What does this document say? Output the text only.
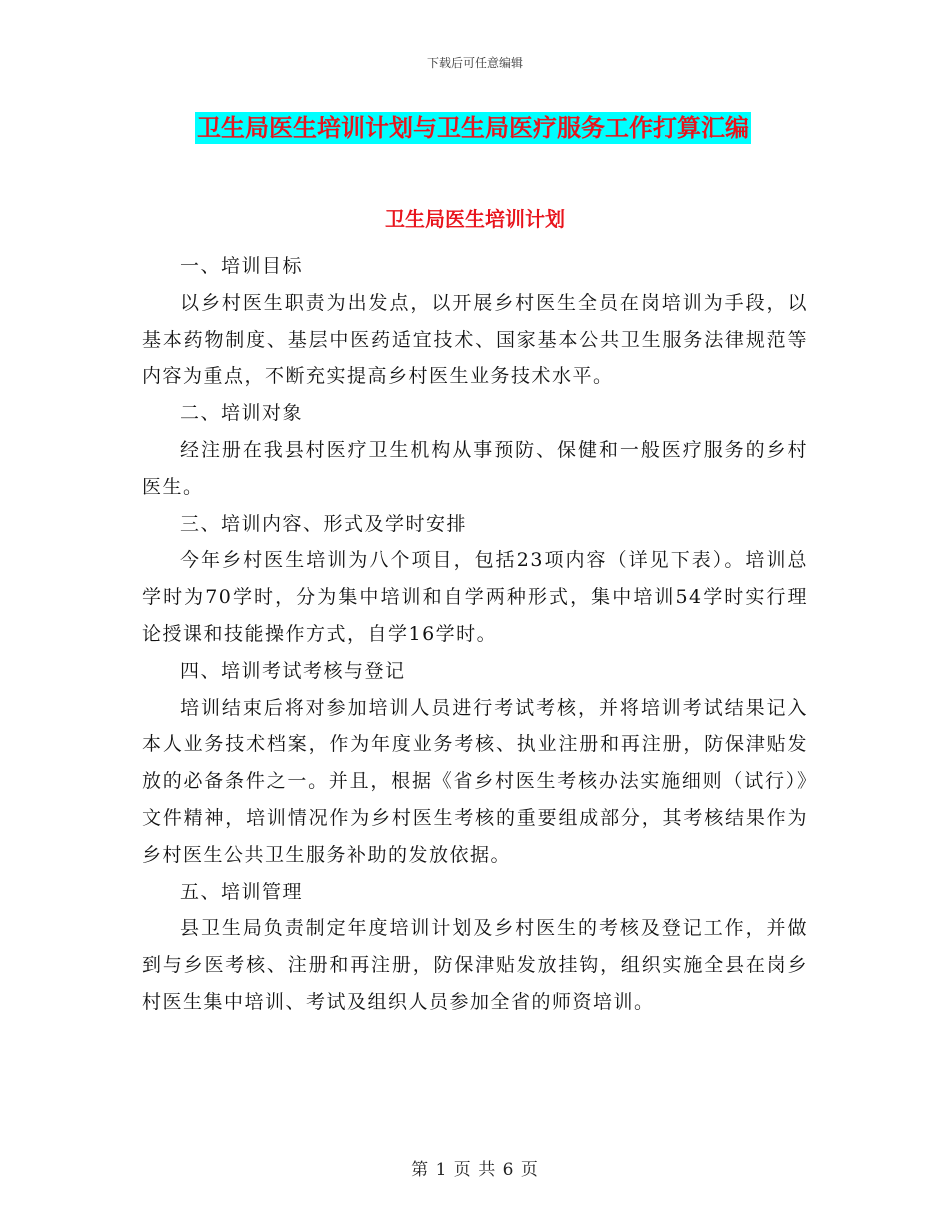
下载后可任意编辑
卫生局医生培训计划与卫生局医疗服务工作打算汇编
卫生局医生培训计划

一、培训目标

以乡村医生职责为出发点，以开展乡村医生全员在岗培训为手段，以基本药物制度、基层中医药适宜技术、国家基本公共卫生服务法律规范等内容为重点，不断充实提高乡村医生业务技术水平。

二、培训对象

经注册在我县村医疗卫生机构从事预防、保健和一般医疗服务的乡村医生。

三、培训内容、形式及学时安排

今年乡村医生培训为八个项目，包括23项内容（详见下表）。培训总学时为70学时，分为集中培训和自学两种形式，集中培训54学时实行理论授课和技能操作方式，自学16学时。

四、培训考试考核与登记

培训结束后将对参加培训人员进行考试考核，并将培训考试结果记入本人业务技术档案，作为年度业务考核、执业注册和再注册，防保津贴发放的必备条件之一。并且，根据《省乡村医生考核办法实施细则（试行）》文件精神，培训情况作为乡村医生考核的重要组成部分，其考核结果作为乡村医生公共卫生服务补助的发放依据。

五、培训管理

县卫生局负责制定年度培训计划及乡村医生的考核及登记工作，并做到与乡医考核、注册和再注册，防保津贴发放挂钩，组织实施全县在岗乡村医生集中培训、考试及组织人员参加全省的师资培训。

第 1 页 共 6 页
